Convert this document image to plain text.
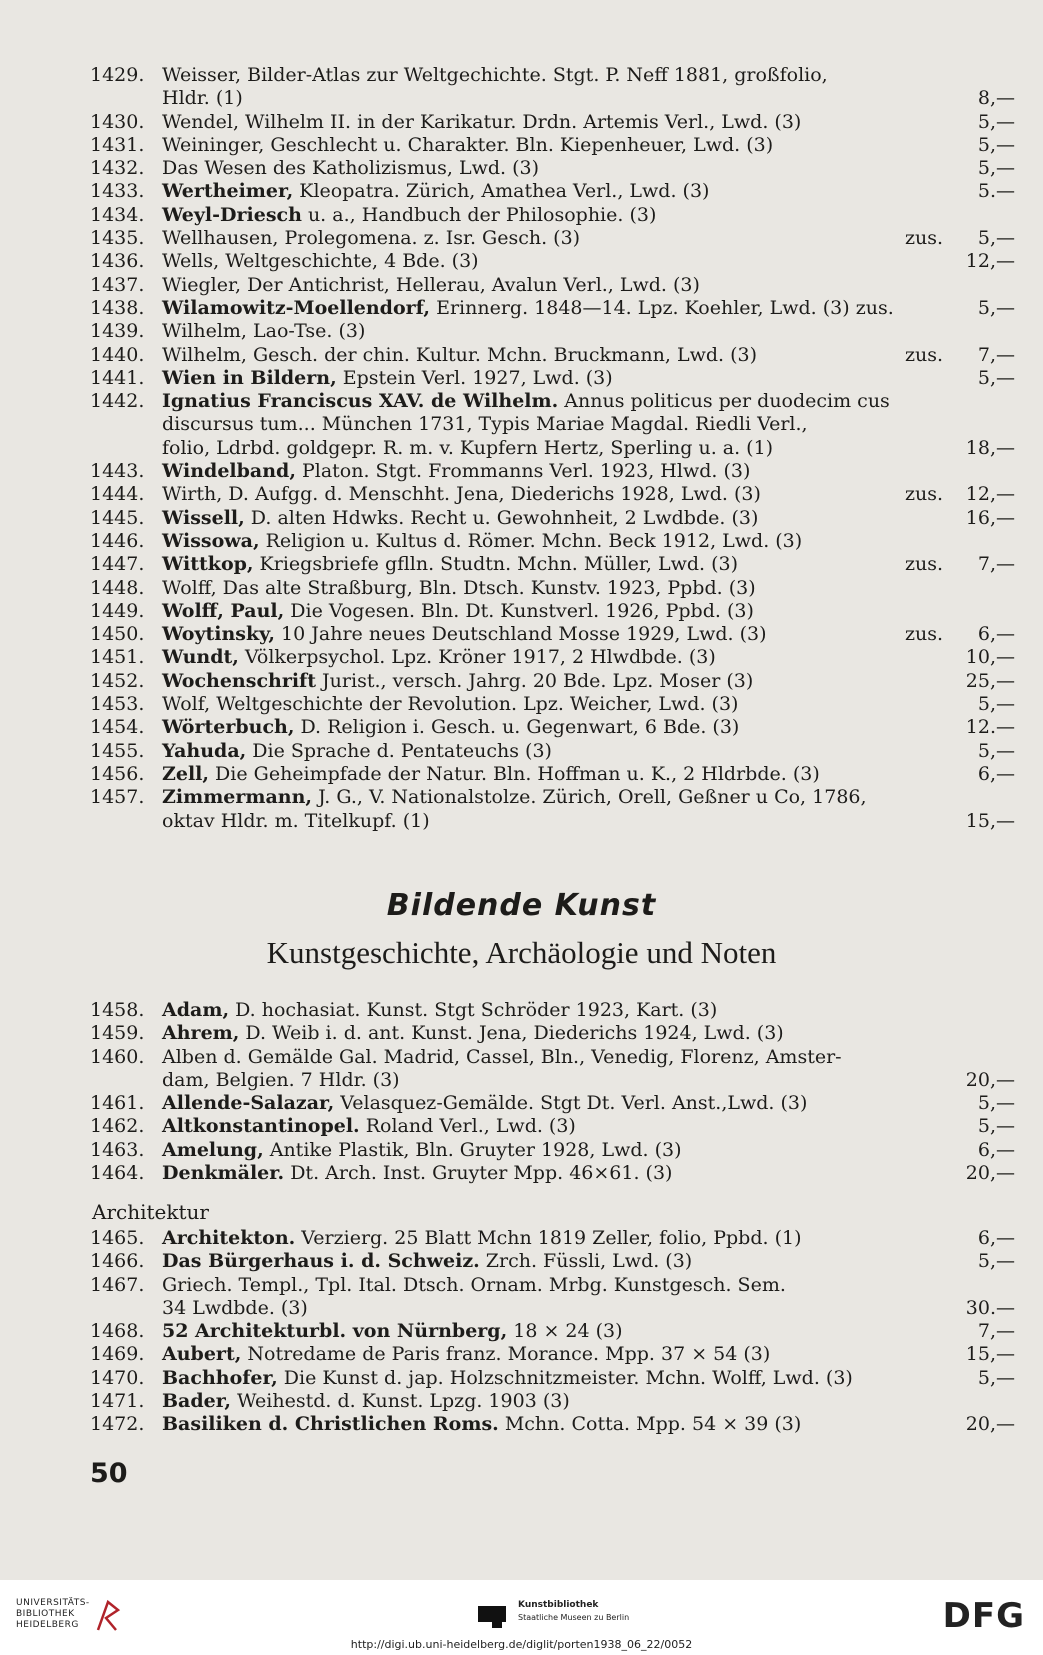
1429. Weisser, Bilder-Atlas zur Weltgechichte. Stgt. P. Neff 1881, großfolio,
Hldr. (1)	8,—
1430. Wendel, Wilhelm II. in der Karikatur. Drdn. Artemis Verl., Lwd. (3)	5,—
1431. Weininger, Geschlecht u. Charakter. Bln. Kiepenheuer, Lwd. (3)	5,—
1432. Das Wesen des Katholizismus, Lwd. (3)	5,—
1433. Wertheimer, Kleopatra. Zürich, Amathea Verl., Lwd. (3)	5.—
1434. Weyl-Driesch u. a., Handbuch der Philosophie. (3)
1435. Wellhausen, Prolegomena. z. Isr. Gesch. (3)	zus. 5,—
1436. Wells, Weltgeschichte, 4 Bde. (3)	12,—
1437. Wiegler, Der Antichrist, Hellerau, Avalun Verl., Lwd. (3)
1438. Wilamowitz-Moellendorf, Erinnerg. 1848—14. Lpz. Koehler, Lwd. (3) zus.	5,—
1439. Wilhelm, Lao-Tse. (3)
1440. Wilhelm, Gesch. der chin. Kultur. Mchn. Bruckmann, Lwd. (3)	zus. 7,—
1441. Wien in Bildern, Epstein Verl. 1927, Lwd. (3)	5,—
1442. Ignatius Franciscus XAV. de Wilhelm. Annus politicus per duodecim cus
discursus tum... München 1731, Typis Mariae Magdal. Riedli Verl.,
folio, Ldrbd. goldgepr. R. m. v. Kupfern Hertz, Sperling u. a. (1)	18,—
1443. Windelband, Platon. Stgt. Frommanns Verl. 1923, Hlwd. (3)
1444. Wirth, D. Aufgg. d. Menschht. Jena, Diederichs 1928, Lwd. (3)	zus. 12,—
1445. Wissell, D. alten Hdwks. Recht u. Gewohnheit, 2 Lwdbde. (3)	16,—
1446. Wissowa, Religion u. Kultus d. Römer. Mchn. Beck 1912, Lwd. (3)
1447. Wittkop, Kriegsbriefe gflln. Studtn. Mchn. Müller, Lwd. (3)	zus. 7,—
1448. Wolff, Das alte Straßburg, Bln. Dtsch. Kunstv. 1923, Ppbd. (3)
1449. Wolff, Paul, Die Vogesen. Bln. Dt. Kunstverl. 1926, Ppbd. (3)
1450. Woytinsky, 10 Jahre neues Deutschland Mosse 1929, Lwd. (3)	zus. 6,—
1451. Wundt, Völkerpsychol. Lpz. Kröner 1917, 2 Hlwdbde. (3)	10,—
1452. Wochenschrift Jurist., versch. Jahrg. 20 Bde. Lpz. Moser (3)	25,—
1453. Wolf, Weltgeschichte der Revolution. Lpz. Weicher, Lwd. (3)	5,—
1454. Wörterbuch, D. Religion i. Gesch. u. Gegenwart, 6 Bde. (3)	12.—
1455. Yahuda, Die Sprache d. Pentateuchs (3)	5,—
1456. Zell, Die Geheimpfade der Natur. Bln. Hoffman u. K., 2 Hldrbde. (3)	6,—
1457. Zimmermann, J. G., V. Nationalstolze. Zürich, Orell, Geßner u Co, 1786,
oktav Hldr. m. Titelkupf. (1)	15,—
Bildende Kunst
Kunstgeschichte, Archäologie und Noten
1458. Adam, D. hochasiat. Kunst. Stgt Schröder 1923, Kart. (3)
1459. Ahrem, D. Weib i. d. ant. Kunst. Jena, Diederichs 1924, Lwd. (3)
1460. Alben d. Gemälde Gal. Madrid, Cassel, Bln., Venedig, Florenz, Amster-
dam, Belgien. 7 Hldr. (3)	20,—
1461. Allende-Salazar, Velasquez-Gemälde. Stgt Dt. Verl. Anst.,Lwd. (3)	5,—
1462. Altkonstantinopel. Roland Verl., Lwd. (3)	5,—
1463. Amelung, Antike Plastik, Bln. Gruyter 1928, Lwd. (3)	6,—
1464. Denkmäler. Dt. Arch. Inst. Gruyter Mpp. 46×61. (3)	20,—
Architektur
1465. Architekton. Verzierg. 25 Blatt Mchn 1819 Zeller, folio, Ppbd. (1)	6,—
1466. Das Bürgerhaus i. d. Schweiz. Zrch. Füssli, Lwd. (3)	5,—
1467. Griech. Templ., Tpl. Ital. Dtsch. Ornam. Mrbg. Kunstgesch. Sem.
34 Lwdbde. (3)	30.—
1468. 52 Architekturbl. von Nürnberg, 18 × 24 (3)	7,—
1469. Aubert, Notredame de Paris franz. Morance. Mpp. 37 × 54 (3)	15,—
1470. Bachhofer, Die Kunst d. jap. Holzschnitzmeister. Mchn. Wolff, Lwd. (3)	5,—
1471. Bader, Weihestd. d. Kunst. Lpzg. 1903 (3)
1472. Basiliken d. Christlichen Roms. Mchn. Cotta. Mpp. 54 × 39 (3)	20,—
50
UNIVERSITÄTS-
BIBLIOTHEK
HEIDELBERG
Kunstbibliothek
Staatliche Museen zu Berlin	DFG
http://digi.ub.uni-heidelberg.de/diglit/porten1938_06_22/0052
